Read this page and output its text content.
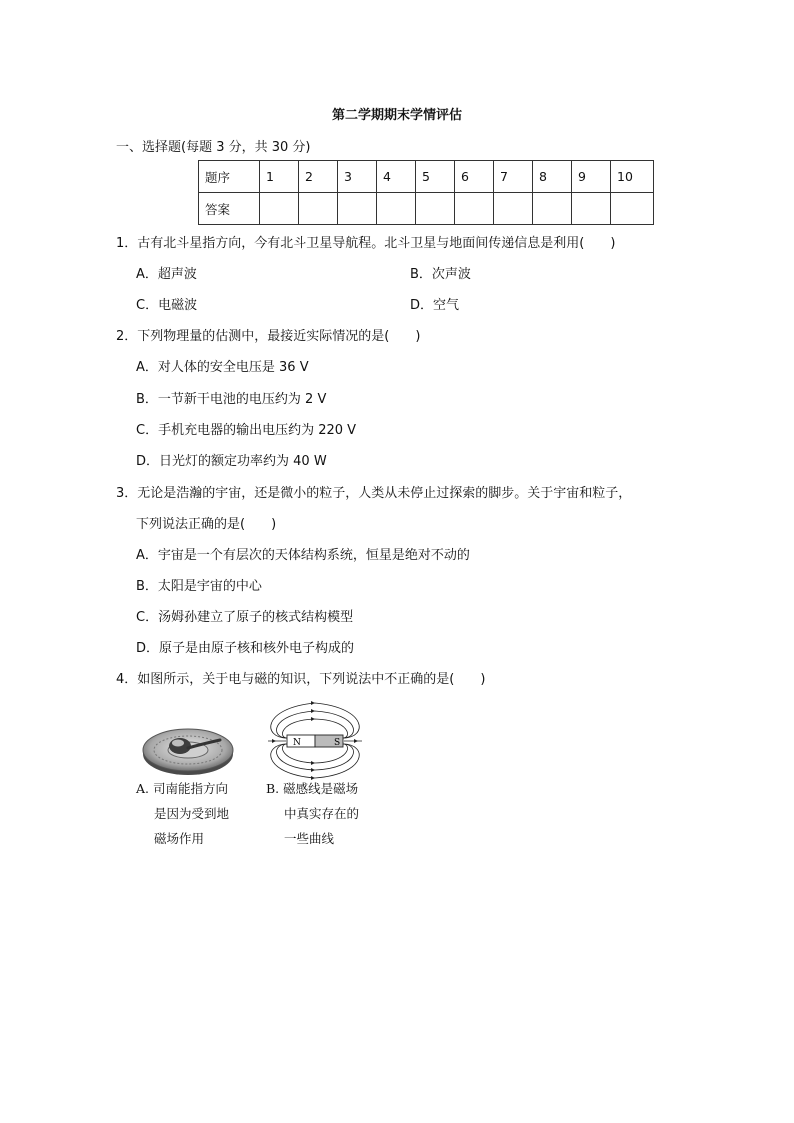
第二学期期末学情评估
一、选择题(每题 3 分，共 30 分)
题序	1	2	3	4	5	6	7	8	9	10
答案										
1．古有北斗星指方向，今有北斗卫星导航程。北斗卫星与地面间传递信息是利用(　　)
A．超声波	B．次声波
C．电磁波	D．空气
2．下列物理量的估测中，最接近实际情况的是(　　)
A．对人体的安全电压是 36 V
B．一节新干电池的电压约为 2 V
C．手机充电器的输出电压约为 220 V
D．日光灯的额定功率约为 40 W
3．无论是浩瀚的宇宙，还是微小的粒子，人类从未停止过探索的脚步。关于宇宙和粒子，
下列说法正确的是(　　)
A．宇宙是一个有层次的天体结构系统，恒星是绝对不动的
B．太阳是宇宙的中心
C．汤姆孙建立了原子的核式结构模型
D．原子是由原子核和核外电子构成的
4．如图所示，关于电与磁的知识，下列说法中不正确的是(　　)
N	S
A. 司南能指方向
是因为受到地
磁场作用
B. 磁感线是磁场
中真实存在的
一些曲线
